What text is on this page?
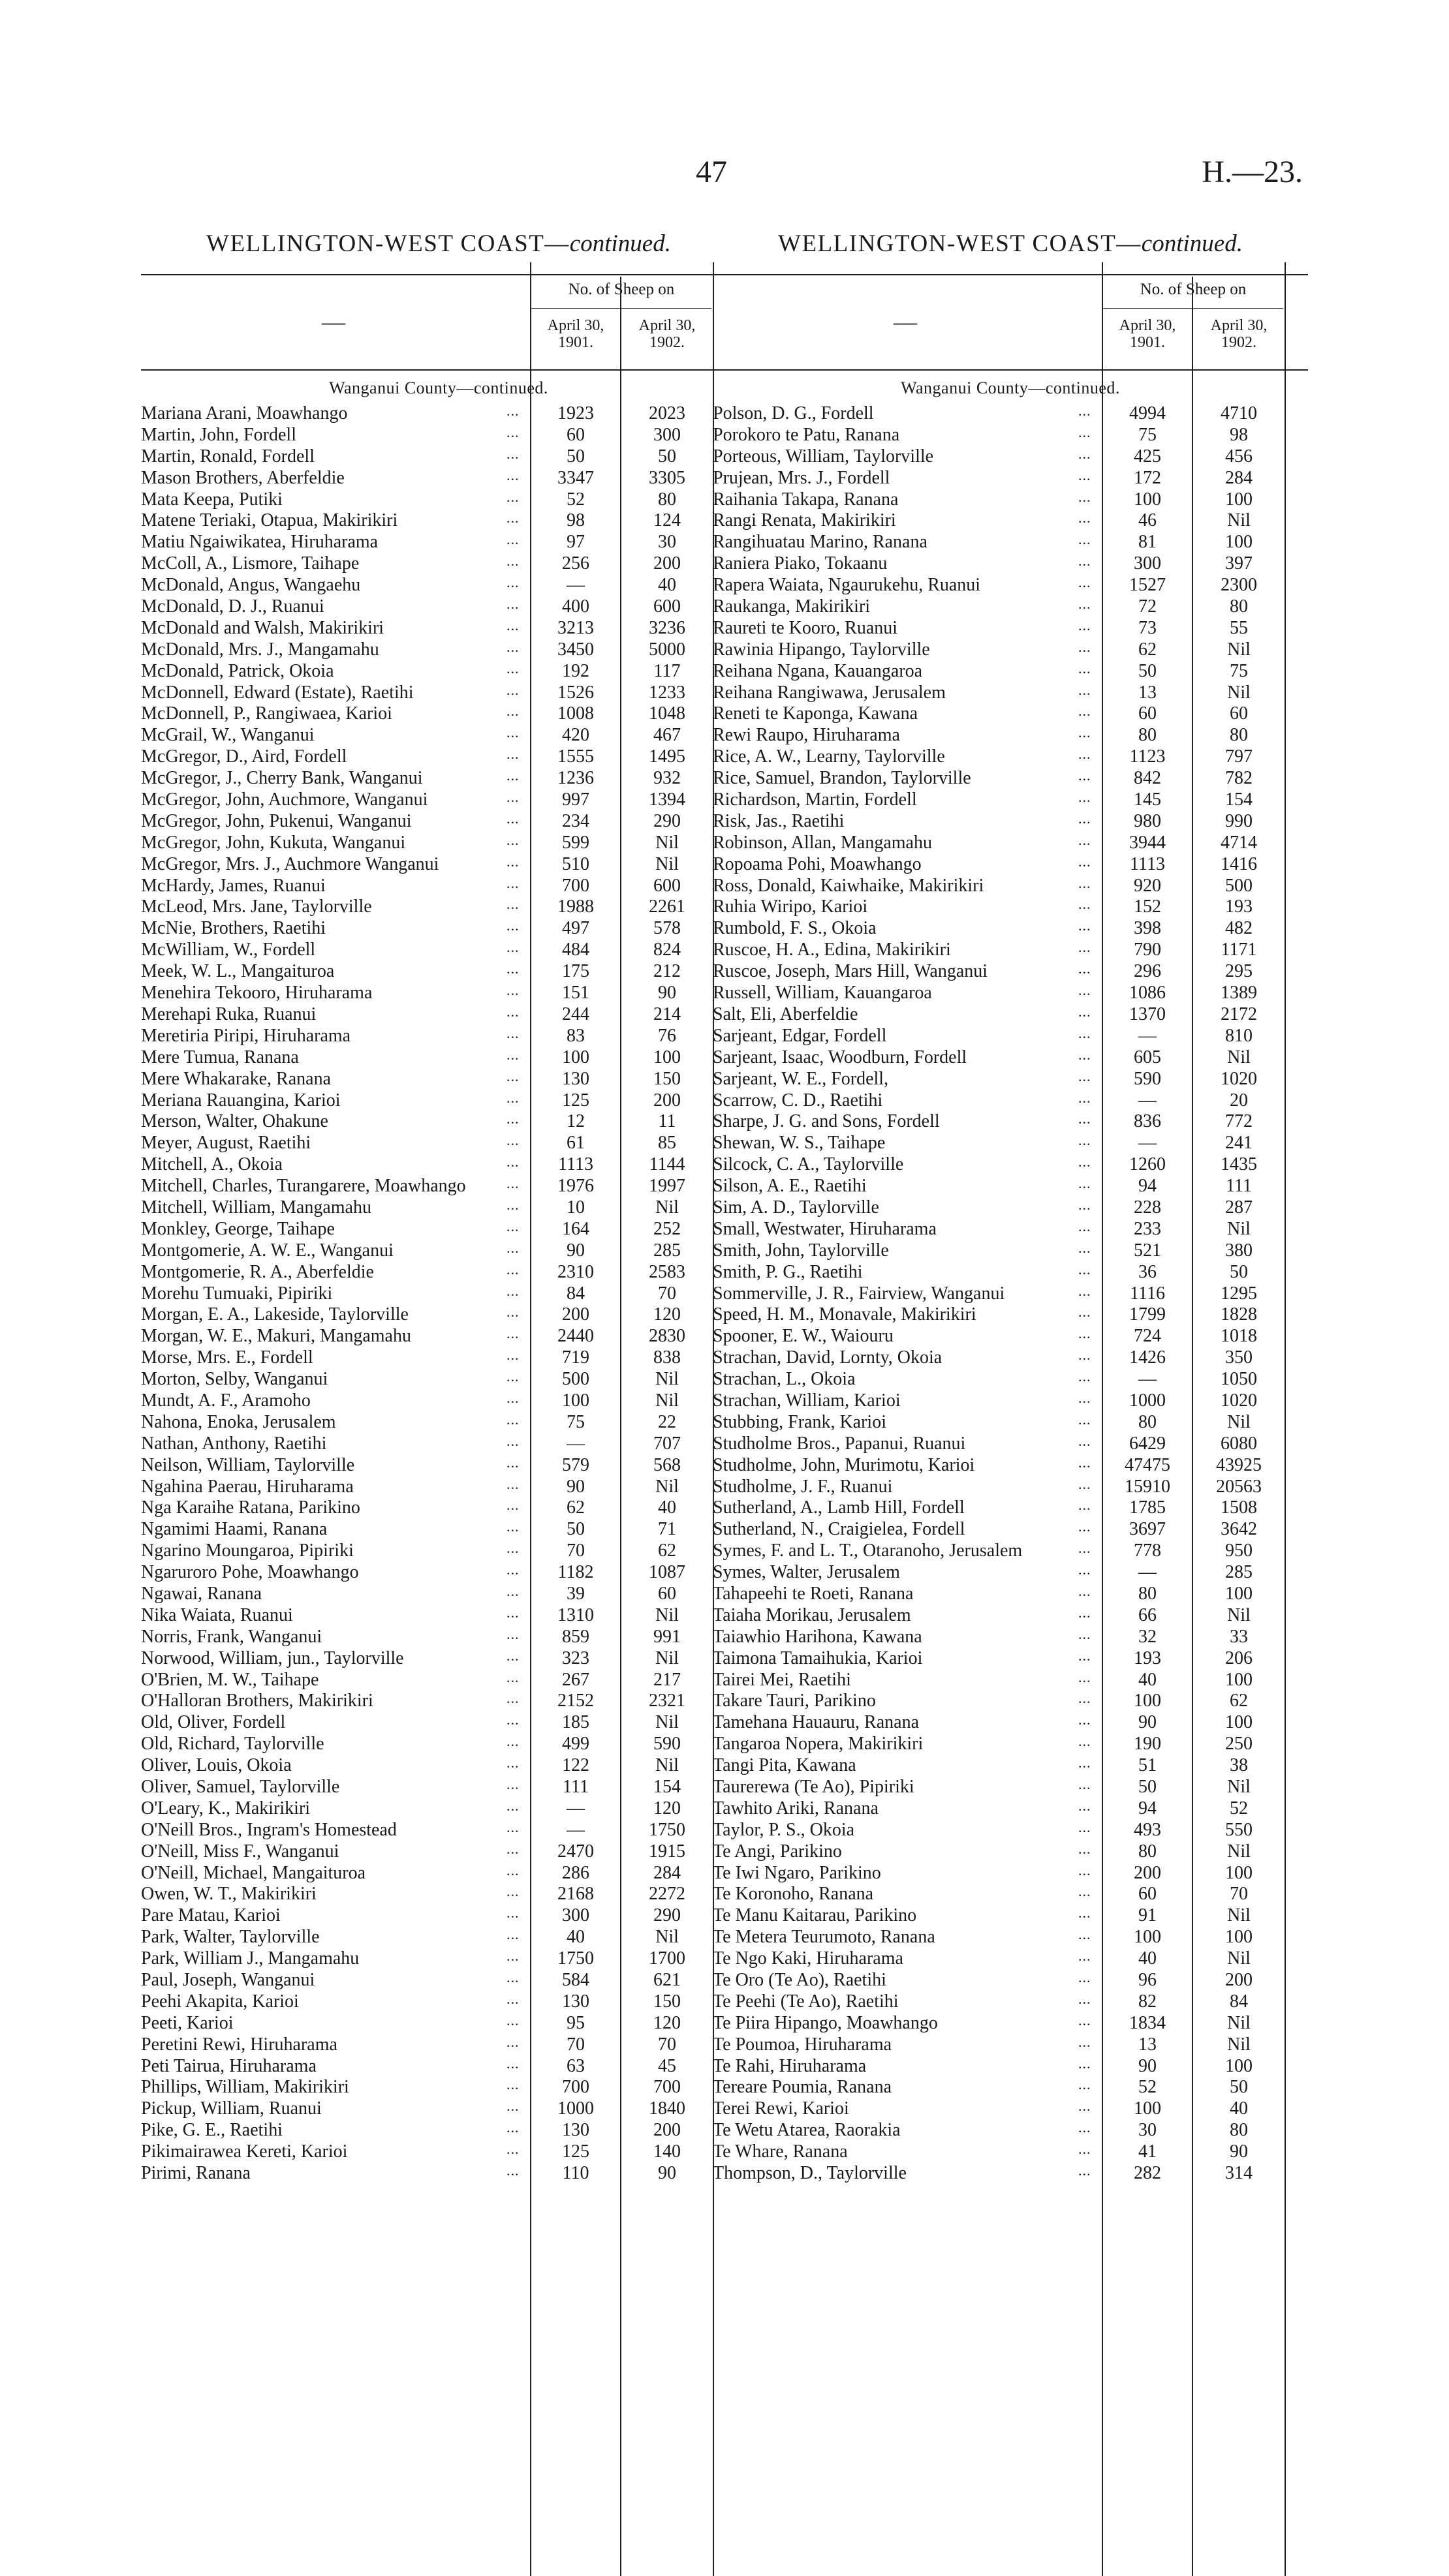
47	H.—23.
WELLINGTON-WEST COAST—continued.
—
No. of Sheep on
April 30,
1901.
April 30,
1902.
Wanganui County—continued.
Mariana Arani, Moawhango	...	1923	2023
Martin, John, Fordell	...	60	300
Martin, Ronald, Fordell	...	50	50
Mason Brothers, Aberfeldie	...	3347	3305
Mata Keepa, Putiki	...	52	80
Matene Teriaki, Otapua, Makirikiri	...	98	124
Matiu Ngaiwikatea, Hiruharama	...	97	30
McColl, A., Lismore, Taihape	...	256	200
McDonald, Angus, Wangaehu	...	—	40
McDonald, D. J., Ruanui	...	400	600
McDonald and Walsh, Makirikiri	...	3213	3236
McDonald, Mrs. J., Mangamahu	...	3450	5000
McDonald, Patrick, Okoia	...	192	117
McDonnell, Edward (Estate), Raetihi	...	1526	1233
McDonnell, P., Rangiwaea, Karioi	...	1008	1048
McGrail, W., Wanganui	...	420	467
McGregor, D., Aird, Fordell	...	1555	1495
McGregor, J., Cherry Bank, Wanganui	...	1236	932
McGregor, John, Auchmore, Wanganui	...	997	1394
McGregor, John, Pukenui, Wanganui	...	234	290
McGregor, John, Kukuta, Wanganui	...	599	Nil
McGregor, Mrs. J., Auchmore Wanganui	...	510	Nil
McHardy, James, Ruanui	...	700	600
McLeod, Mrs. Jane, Taylorville	...	1988	2261
McNie, Brothers, Raetihi	...	497	578
McWilliam, W., Fordell	...	484	824
Meek, W. L., Mangaituroa	...	175	212
Menehira Tekooro, Hiruharama	...	151	90
Merehapi Ruka, Ruanui	...	244	214
Meretiria Piripi, Hiruharama	...	83	76
Mere Tumua, Ranana	...	100	100
Mere Whakarake, Ranana	...	130	150
Meriana Rauangina, Karioi	...	125	200
Merson, Walter, Ohakune	...	12	11
Meyer, August, Raetihi	...	61	85
Mitchell, A., Okoia	...	1113	1144
Mitchell, Charles, Turangarere, Moawhango	...	1976	1997
Mitchell, William, Mangamahu	...	10	Nil
Monkley, George, Taihape	...	164	252
Montgomerie, A. W. E., Wanganui	...	90	285
Montgomerie, R. A., Aberfeldie	...	2310	2583
Morehu Tumuaki, Pipiriki	...	84	70
Morgan, E. A., Lakeside, Taylorville	...	200	120
Morgan, W. E., Makuri, Mangamahu	...	2440	2830
Morse, Mrs. E., Fordell	...	719	838
Morton, Selby, Wanganui	...	500	Nil
Mundt, A. F., Aramoho	...	100	Nil
Nahona, Enoka, Jerusalem	...	75	22
Nathan, Anthony, Raetihi	...	—	707
Neilson, William, Taylorville	...	579	568
Ngahina Paerau, Hiruharama	...	90	Nil
Nga Karaihe Ratana, Parikino	...	62	40
Ngamimi Haami, Ranana	...	50	71
Ngarino Moungaroa, Pipiriki	...	70	62
Ngaruroro Pohe, Moawhango	...	1182	1087
Ngawai, Ranana	...	39	60
Nika Waiata, Ruanui	...	1310	Nil
Norris, Frank, Wanganui	...	859	991
Norwood, William, jun., Taylorville	...	323	Nil
O'Brien, M. W., Taihape	...	267	217
O'Halloran Brothers, Makirikiri	...	2152	2321
Old, Oliver, Fordell	...	185	Nil
Old, Richard, Taylorville	...	499	590
Oliver, Louis, Okoia	...	122	Nil
Oliver, Samuel, Taylorville	...	111	154
O'Leary, K., Makirikiri	...	—	120
O'Neill Bros., Ingram's Homestead	...	—	1750
O'Neill, Miss F., Wanganui	...	2470	1915
O'Neill, Michael, Mangaituroa	...	286	284
Owen, W. T., Makirikiri	...	2168	2272
Pare Matau, Karioi	...	300	290
Park, Walter, Taylorville	...	40	Nil
Park, William J., Mangamahu	...	1750	1700
Paul, Joseph, Wanganui	...	584	621
Peehi Akapita, Karioi	...	130	150
Peeti, Karioi	...	95	120
Peretini Rewi, Hiruharama	...	70	70
Peti Tairua, Hiruharama	...	63	45
Phillips, William, Makirikiri	...	700	700
Pickup, William, Ruanui	...	1000	1840
Pike, G. E., Raetihi	...	130	200
Pikimairawea Kereti, Karioi	...	125	140
Pirimi, Ranana	...	110	90
WELLINGTON-WEST COAST—continued.
—
No. of Sheep on
April 30,
1901.
April 30,
1902.
Wanganui County—continued.
Polson, D. G., Fordell	...	4994	4710
Porokoro te Patu, Ranana	...	75	98
Porteous, William, Taylorville	...	425	456
Prujean, Mrs. J., Fordell	...	172	284
Raihania Takapa, Ranana	...	100	100
Rangi Renata, Makirikiri	...	46	Nil
Rangihuatau Marino, Ranana	...	81	100
Raniera Piako, Tokaanu	...	300	397
Rapera Waiata, Ngaurukehu, Ruanui	...	1527	2300
Raukanga, Makirikiri	...	72	80
Raureti te Kooro, Ruanui	...	73	55
Rawinia Hipango, Taylorville	...	62	Nil
Reihana Ngana, Kauangaroa	...	50	75
Reihana Rangiwawa, Jerusalem	...	13	Nil
Reneti te Kaponga, Kawana	...	60	60
Rewi Raupo, Hiruharama	...	80	80
Rice, A. W., Learny, Taylorville	...	1123	797
Rice, Samuel, Brandon, Taylorville	...	842	782
Richardson, Martin, Fordell	...	145	154
Risk, Jas., Raetihi	...	980	990
Robinson, Allan, Mangamahu	...	3944	4714
Ropoama Pohi, Moawhango	...	1113	1416
Ross, Donald, Kaiwhaike, Makirikiri	...	920	500
Ruhia Wiripo, Karioi	...	152	193
Rumbold, F. S., Okoia	...	398	482
Ruscoe, H. A., Edina, Makirikiri	...	790	1171
Ruscoe, Joseph, Mars Hill, Wanganui	...	296	295
Russell, William, Kauangaroa	...	1086	1389
Salt, Eli, Aberfeldie	...	1370	2172
Sarjeant, Edgar, Fordell	...	—	810
Sarjeant, Isaac, Woodburn, Fordell	...	605	Nil
Sarjeant, W. E., Fordell,	...	590	1020
Scarrow, C. D., Raetihi	...	—	20
Sharpe, J. G. and Sons, Fordell	...	836	772
Shewan, W. S., Taihape	...	—	241
Silcock, C. A., Taylorville	...	1260	1435
Silson, A. E., Raetihi	...	94	111
Sim, A. D., Taylorville	...	228	287
Small, Westwater, Hiruharama	...	233	Nil
Smith, John, Taylorville	...	521	380
Smith, P. G., Raetihi	...	36	50
Sommerville, J. R., Fairview, Wanganui	...	1116	1295
Speed, H. M., Monavale, Makirikiri	...	1799	1828
Spooner, E. W., Waiouru	...	724	1018
Strachan, David, Lornty, Okoia	...	1426	350
Strachan, L., Okoia	...	—	1050
Strachan, William, Karioi	...	1000	1020
Stubbing, Frank, Karioi	...	80	Nil
Studholme Bros., Papanui, Ruanui	...	6429	6080
Studholme, John, Murimotu, Karioi	...	47475	43925
Studholme, J. F., Ruanui	...	15910	20563
Sutherland, A., Lamb Hill, Fordell	...	1785	1508
Sutherland, N., Craigielea, Fordell	...	3697	3642
Symes, F. and L. T., Otaranoho, Jerusalem	...	778	950
Symes, Walter, Jerusalem	...	—	285
Tahapeehi te Roeti, Ranana	...	80	100
Taiaha Morikau, Jerusalem	...	66	Nil
Taiawhio Harihona, Kawana	...	32	33
Taimona Tamaihukia, Karioi	...	193	206
Tairei Mei, Raetihi	...	40	100
Takare Tauri, Parikino	...	100	62
Tamehana Hauauru, Ranana	...	90	100
Tangaroa Nopera, Makirikiri	...	190	250
Tangi Pita, Kawana	...	51	38
Taurerewa (Te Ao), Pipiriki	...	50	Nil
Tawhito Ariki, Ranana	...	94	52
Taylor, P. S., Okoia	...	493	550
Te Angi, Parikino	...	80	Nil
Te Iwi Ngaro, Parikino	...	200	100
Te Koronoho, Ranana	...	60	70
Te Manu Kaitarau, Parikino	...	91	Nil
Te Metera Teurumoto, Ranana	...	100	100
Te Ngo Kaki, Hiruharama	...	40	Nil
Te Oro (Te Ao), Raetihi	...	96	200
Te Peehi (Te Ao), Raetihi	...	82	84
Te Piira Hipango, Moawhango	...	1834	Nil
Te Poumoa, Hiruharama	...	13	Nil
Te Rahi, Hiruharama	...	90	100
Tereare Poumia, Ranana	...	52	50
Terei Rewi, Karioi	...	100	40
Te Wetu Atarea, Raorakia	...	30	80
Te Whare, Ranana	...	41	90
Thompson, D., Taylorville	...	282	314
